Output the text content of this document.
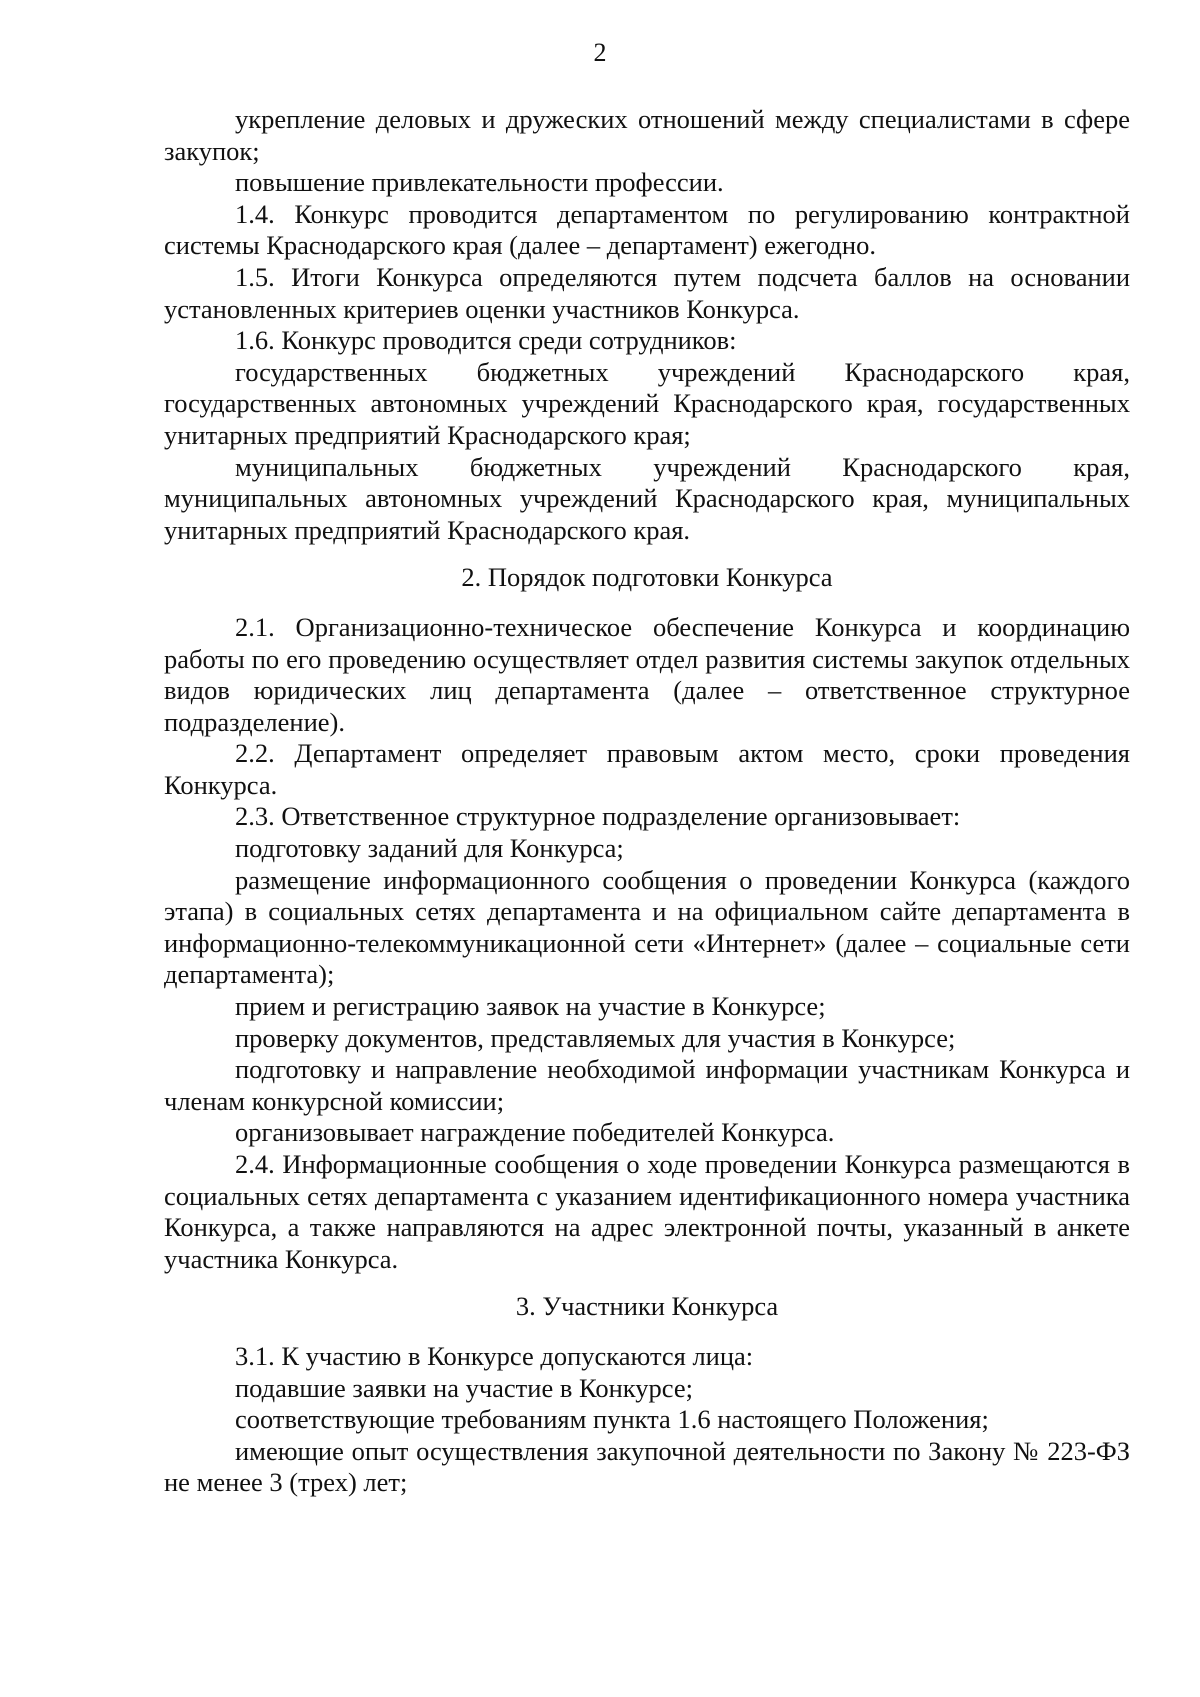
2

укрепление деловых и дружеских отношений между специалистами в сфере закупок;

повышение привлекательности профессии.

1.4. Конкурс проводится департаментом по регулированию контрактной системы Краснодарского края (далее – департамент) ежегодно.

1.5. Итоги Конкурса определяются путем подсчета баллов на основании установленных критериев оценки участников Конкурса.

1.6. Конкурс проводится среди сотрудников:

государственных бюджетных учреждений Краснодарского края, государственных автономных учреждений Краснодарского края, государственных унитарных предприятий Краснодарского края;

муниципальных бюджетных учреждений Краснодарского края, муниципальных автономных учреждений Краснодарского края, муниципальных унитарных предприятий Краснодарского края.

2. Порядок подготовки Конкурса

2.1. Организационно-техническое обеспечение Конкурса и координацию работы по его проведению осуществляет отдел развития системы закупок отдельных видов юридических лиц департамента (далее – ответственное структурное подразделение).

2.2. Департамент определяет правовым актом место, сроки проведения Конкурса.

2.3. Ответственное структурное подразделение организовывает:

подготовку заданий для Конкурса;

размещение информационного сообщения о проведении Конкурса (каждого этапа) в социальных сетях департамента и на официальном сайте департамента в информационно-телекоммуникационной сети «Интернет» (далее – социальные сети департамента);

прием и регистрацию заявок на участие в Конкурсе;

проверку документов, представляемых для участия в Конкурсе;

подготовку и направление необходимой информации участникам Конкурса и членам конкурсной комиссии;

организовывает награждение победителей Конкурса.

2.4. Информационные сообщения о ходе проведении Конкурса размещаются в социальных сетях департамента с указанием идентификационного номера участника Конкурса, а также направляются на адрес электронной почты, указанный в анкете участника Конкурса.

3. Участники Конкурса

3.1. К участию в Конкурсе допускаются лица:

подавшие заявки на участие в Конкурсе;

соответствующие требованиям пункта 1.6 настоящего Положения;

имеющие опыт осуществления закупочной деятельности по Закону № 223-ФЗ не менее 3 (трех) лет;
